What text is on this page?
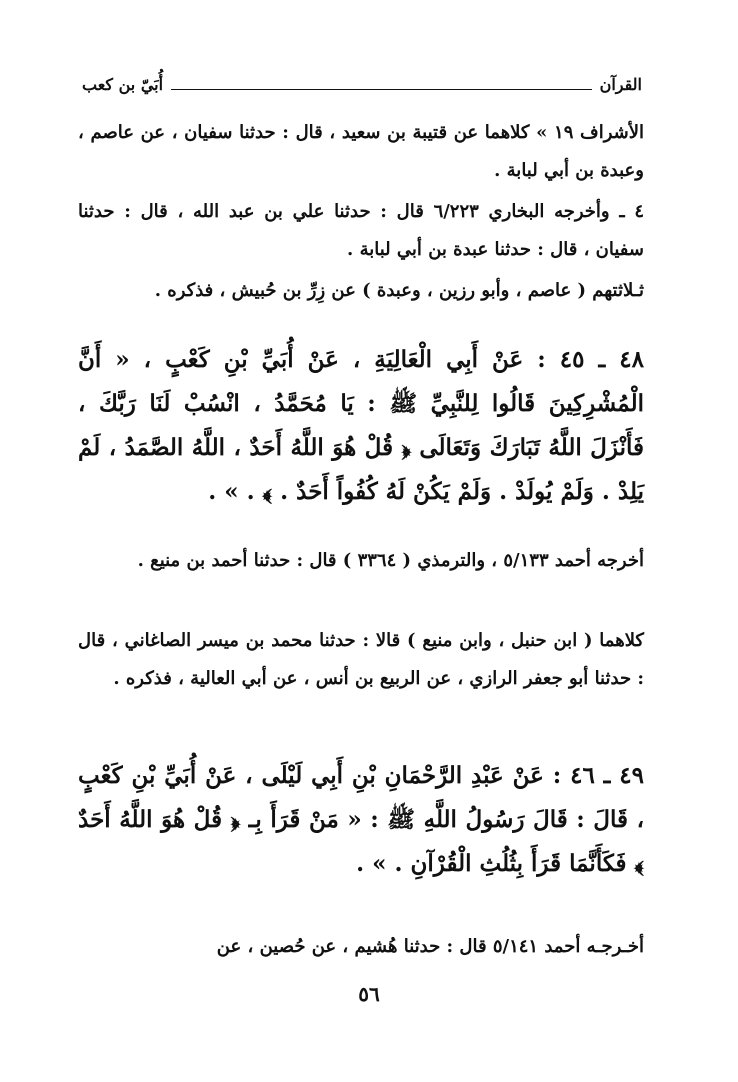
القرآن
أُبَيّ بن كعب

الأشراف ١٩ » كلاهما عن قتيبة بن سعيد ، قال : حدثنا سفيان ، عن عاصم ، وعبدة بن أبي لبابة .

٤ ـ وأخرجه البخاري ٦/٢٢٣ قال : حدثنا علي بن عبد الله ، قال : حدثنا سفيان ، قال : حدثنا عبدة بن أبي لبابة .

ثـلاثتهم ( عاصم ، وأبو رزين ، وعبدة ) عن زِرِّ بن حُبيش ، فذكره .

٤٨ ـ ٤٥ : عَنْ أَبِي الْعَالِيَةِ ، عَنْ أُبَيِّ بْنِ كَعْبٍ ، « أَنَّ الْمُشْرِكِينَ قَالُوا لِلنَّبِيِّ ﷺ : يَا مُحَمَّدُ ، انْسُبْ لَنَا رَبَّكَ ، فَأَنْزَلَ اللَّهُ تَبَارَكَ وَتَعَالَى ﴿ قُلْ هُوَ اللَّهُ أَحَدٌ ، اللَّهُ الصَّمَدُ ، لَمْ يَلِدْ . وَلَمْ يُولَدْ . وَلَمْ يَكُنْ لَهُ كُفُواً أَحَدٌ . ﴾ . » .

أخرجه أحمد ٥/١٣٣ ، والترمذي ( ٣٣٦٤ ) قال : حدثنا أحمد بن منيع .

كلاهما ( ابن حنبل ، وابن منيع ) قالا : حدثنا محمد بن ميسر الصاغاني ، قال : حدثنا أبو جعفر الرازي ، عن الربيع بن أنس ، عن أبي العالية ، فذكره .

٤٩ ـ ٤٦ : عَنْ عَبْدِ الرَّحْمَانِ بْنِ أَبِي لَيْلَى ، عَنْ أُبَيِّ بْنِ كَعْبٍ ، قَالَ : قَالَ رَسُولُ اللَّهِ ﷺ : « مَنْ قَرَأَ بِـ ﴿ قُلْ هُوَ اللَّهُ أَحَدٌ ﴾ فَكَأَنَّمَا قَرَأَ بِثُلُثِ الْقُرْآنِ . » .

أخـرجـه أحمد ٥/١٤١ قال : حدثنا هُشيم ، عن حُصين ، عن

٥٦
